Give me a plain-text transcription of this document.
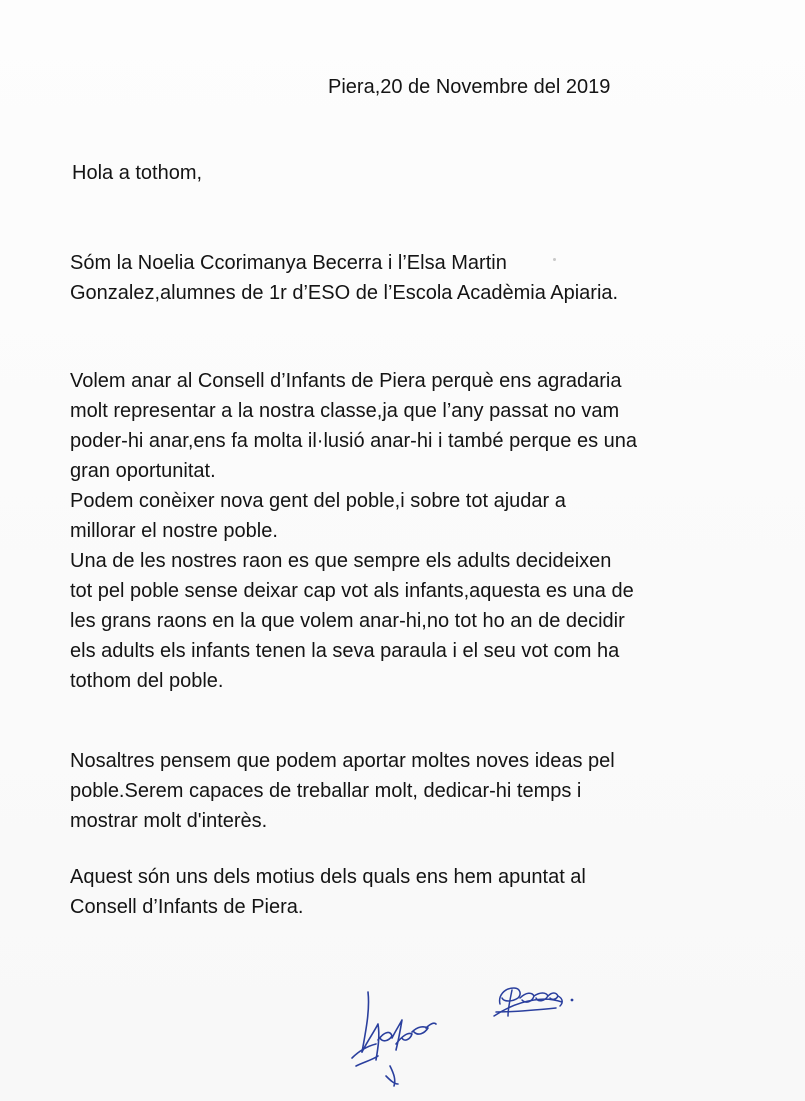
Piera,20 de Novembre del 2019
Hola a tothom,
Sóm la Noelia Ccorimanya Becerra i l’Elsa Martin
Gonzalez,alumnes de 1r d’ESO de l’Escola Acadèmia Apiaria.
Volem anar al Consell d’Infants de Piera perquè ens agradaria
molt representar a la nostra classe,ja que l’any passat no vam
poder-hi anar,ens fa molta il·lusió anar-hi i també perque es una
gran oportunitat.
Podem conèixer nova gent del poble,i sobre tot ajudar a
millorar el nostre poble.
Una de les nostres raon es que sempre els adults decideixen
tot pel poble sense deixar cap vot als infants,aquesta es una de
les grans raons en la que volem anar-hi,no tot ho an de decidir
els adults els infants tenen la seva paraula i el seu vot com ha
tothom del poble.
Nosaltres pensem que podem aportar moltes noves ideas pel
poble.Serem capaces de treballar molt, dedicar-hi temps i
mostrar molt d'interès.
Aquest són uns dels motius dels quals ens hem apuntat al
Consell d’Infants de Piera.
